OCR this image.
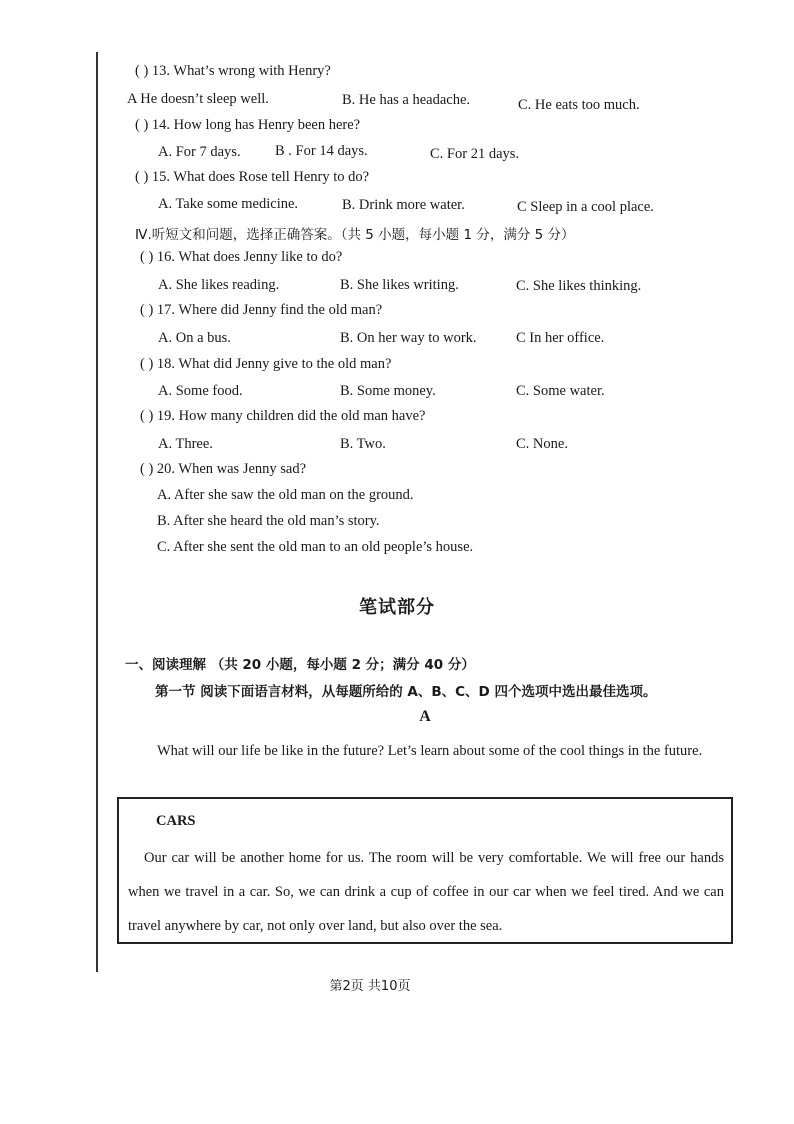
( ) 13. What’s wrong with Henry?
A He doesn’t sleep well.	B. He has a headache.	C. He eats too much.
( ) 14. How long has Henry been here?
A. For 7 days. B . For 14 days.	C. For 21 days.
( ) 15. What does Rose tell Henry to do?
A. Take some medicine.	B. Drink more water.	C Sleep in a cool place.
Ⅳ.听短文和问题，选择正确答案。（共 5 小题，每小题 1 分，满分 5 分）
( ) 16. What does Jenny like to do?
A. She likes reading.	B. She likes writing.	C. She likes thinking.
( ) 17. Where did Jenny find the old man?
A. On a bus.	B. On her way to work.	C In her office.
( ) 18. What did Jenny give to the old man?
A. Some food.	B. Some money.	C. Some water.
( ) 19. How many children did the old man have?
A. Three.	B. Two.	C. None.
( ) 20. When was Jenny sad?
A. After she saw the old man on the ground.
B. After she heard the old man’s story.
C. After she sent the old man to an old people’s house.
笔试部分
一、阅读理解 （共 20 小题，每小题 2 分；满分 40 分）
第一节 阅读下面语言材料，从每题所给的 A、B、C、D 四个选项中选出最佳选项。
A
What will our life be like in the future? Let’s learn about some of the cool things in the future.
CARS
Our car will be another home for us. The room will be very comfortable. We will free our hands when we travel in a car. So, we can drink a cup of coffee in our car when we feel tired. And we can travel anywhere by car, not only over land, but also over the sea.
第2页 共10页
